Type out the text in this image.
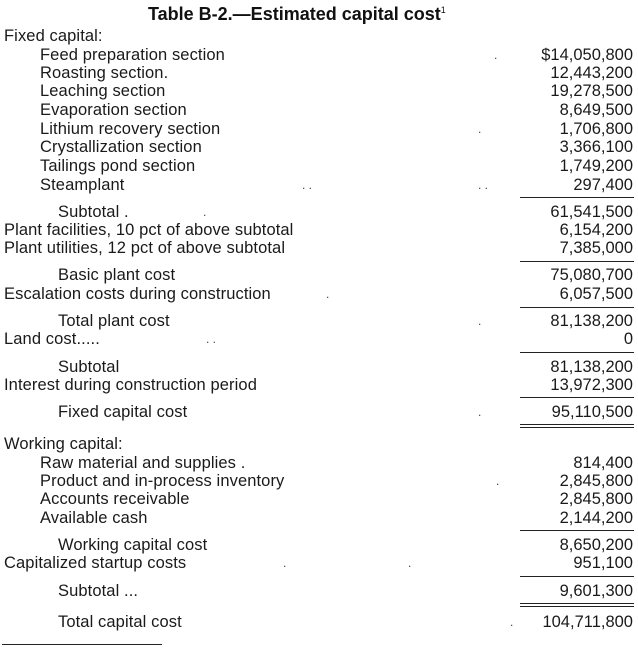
Table B-2.—Estimated capital cost$^1$
Fixed capital:
Feed preparation section	.	$14,050,800
Roasting section.	12,443,200
Leaching section	19,278,500
Evaporation section	8,649,500
Lithium recovery section	.	1,706,800
Crystallization section	3,366,100
Tailings pond section	1,749,200
Steamplant	. .	. .	297,400
Subtotal .	.	61,541,500
Plant facilities, 10 pct of above subtotal	6,154,200
Plant utilities, 12 pct of above subtotal	7,385,000
Basic plant cost	75,080,700
Escalation costs during construction	.	6,057,500
Total plant cost	.	81,138,200
Land cost.....	. .	0
Subtotal	81,138,200
Interest during construction period	13,972,300
Fixed capital cost	.	95,110,500
Working capital:
Raw material and supplies .	814,400
Product and in-process inventory	.	2,845,800
Accounts receivable	2,845,800
Available cash	2,144,200
Working capital cost	8,650,200
Capitalized startup costs	.	.	951,100
Subtotal ...	9,601,300
Total capital cost	. 104,711,800
